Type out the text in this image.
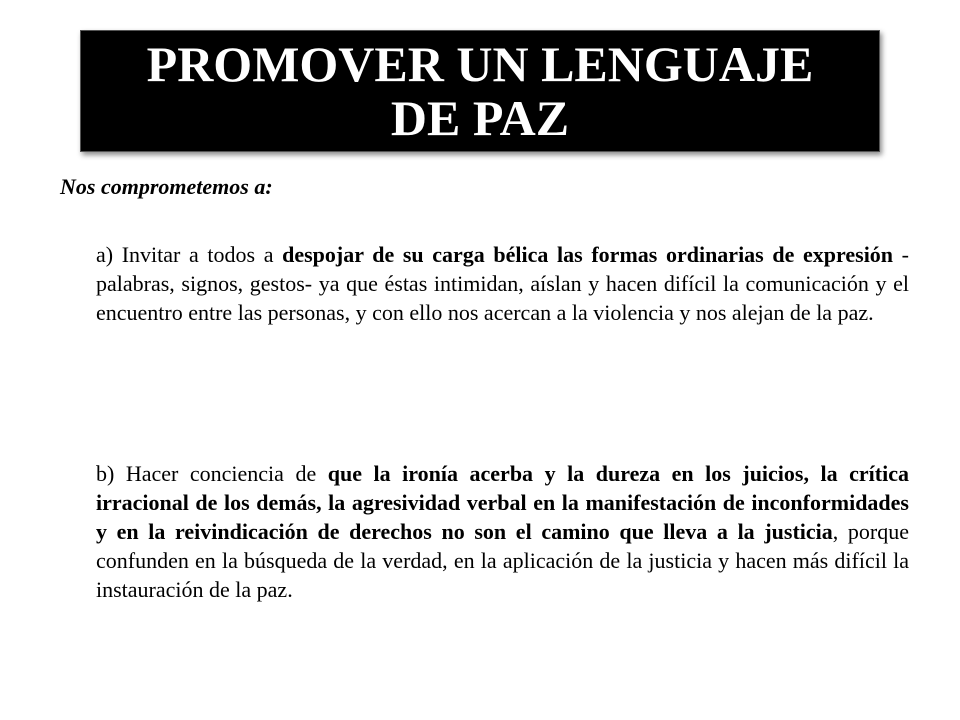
PROMOVER UN LENGUAJE
DE PAZ
Nos comprometemos a:
a) Invitar a todos a despojar de su carga bélica las formas ordinarias de expresión -palabras, signos, gestos- ya que éstas intimidan, aíslan y hacen difícil la comunicación y el encuentro entre las personas, y con ello nos acercan a la violencia y nos alejan de la paz.
b) Hacer conciencia de que la ironía acerba y la dureza en los juicios, la crítica irracional de los demás, la agresividad verbal en la manifestación de inconformidades y en la reivindicación de derechos no son el camino que lleva a la justicia, porque confunden en la búsqueda de la verdad, en la aplicación de la justicia y hacen más difícil la instauración de la paz.
